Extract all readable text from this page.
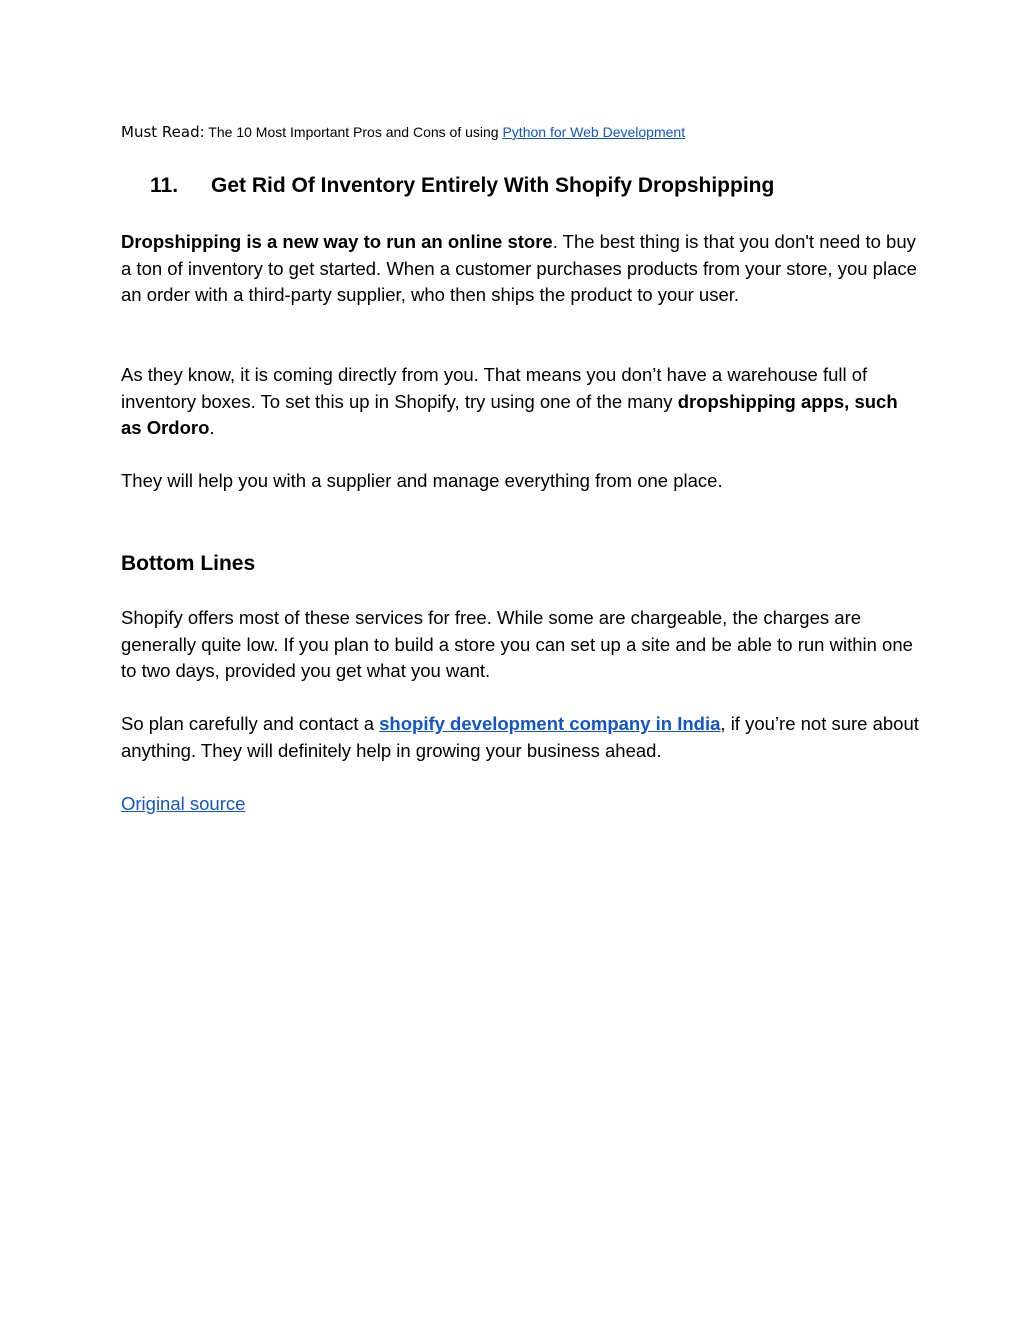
Must Read: The 10 Most Important Pros and Cons of using Python for Web Development
11. Get Rid Of Inventory Entirely With Shopify Dropshipping
Dropshipping is a new way to run an online store. The best thing is that you don't need to buy a ton of inventory to get started. When a customer purchases products from your store, you place an order with a third-party supplier, who then ships the product to your user.
As they know, it is coming directly from you. That means you don’t have a warehouse full of inventory boxes. To set this up in Shopify, try using one of the many dropshipping apps, such as Ordoro.
They will help you with a supplier and manage everything from one place.
Bottom Lines
Shopify offers most of these services for free. While some are chargeable, the charges are generally quite low. If you plan to build a store you can set up a site and be able to run within one to two days, provided you get what you want.
So plan carefully and contact a shopify development company in India, if you’re not sure about anything. They will definitely help in growing your business ahead.
Original source
